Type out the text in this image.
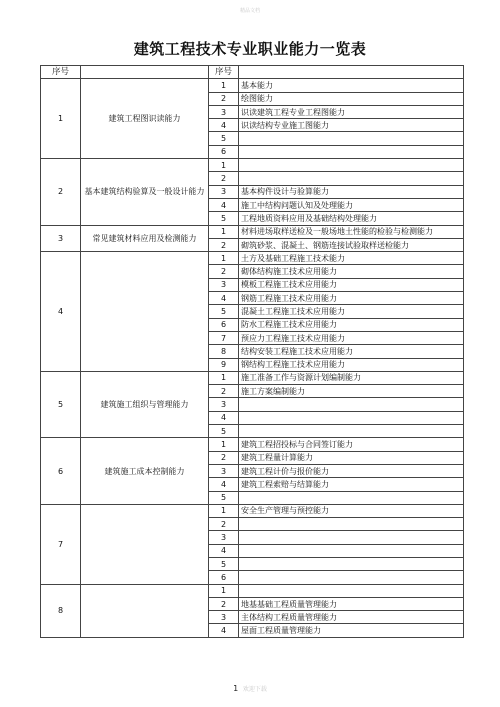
精品文档
建筑工程技术专业职业能力一览表
序号		序号	
1	建筑工程图识读能力	1	基本能力
		2	绘图能力
		3	识读建筑工程专业工程图能力
		4	识读结构专业施工图能力
		5	
		6	
2	基本建筑结构验算及一般设计能力	1	
		2	
		3	基本构件设计与验算能力
		4	施工中结构问题认知及处理能力
		5	工程地质资料应用及基础结构处理能力
3	常见建筑材料应用及检测能力	1	材料进场取样送检及一般场地土性能的检验与检测能力
		2	砌筑砂浆、混凝土、钢筋连接试验取样送检能力
4		1	土方及基础工程施工技术能力
		2	砌体结构施工技术应用能力
		3	模板工程施工技术应用能力
		4	钢筋工程施工技术应用能力
		5	混凝土工程施工技术应用能力
		6	防水工程施工技术应用能力
		7	预应力工程施工技术应用能力
		8	结构安装工程施工技术应用能力
		9	钢结构工程施工技术应用能力
5	建筑施工组织与管理能力	1	施工准备工作与资源计划编制能力
		2	施工方案编制能力
		3	
		4	
		5	
6	建筑施工成本控制能力	1	建筑工程招投标与合同签订能力
		2	建筑工程量计算能力
		3	建筑工程计价与报价能力
		4	建筑工程索赔与结算能力
		5	
7		1	安全生产管理与预控能力
		2	
		3	
		4	
		5	
		6	
8		1	
		2	地基基础工程质量管理能力
		3	主体结构工程质量管理能力
		4	屋面工程质量管理能力
1 欢迎下载
